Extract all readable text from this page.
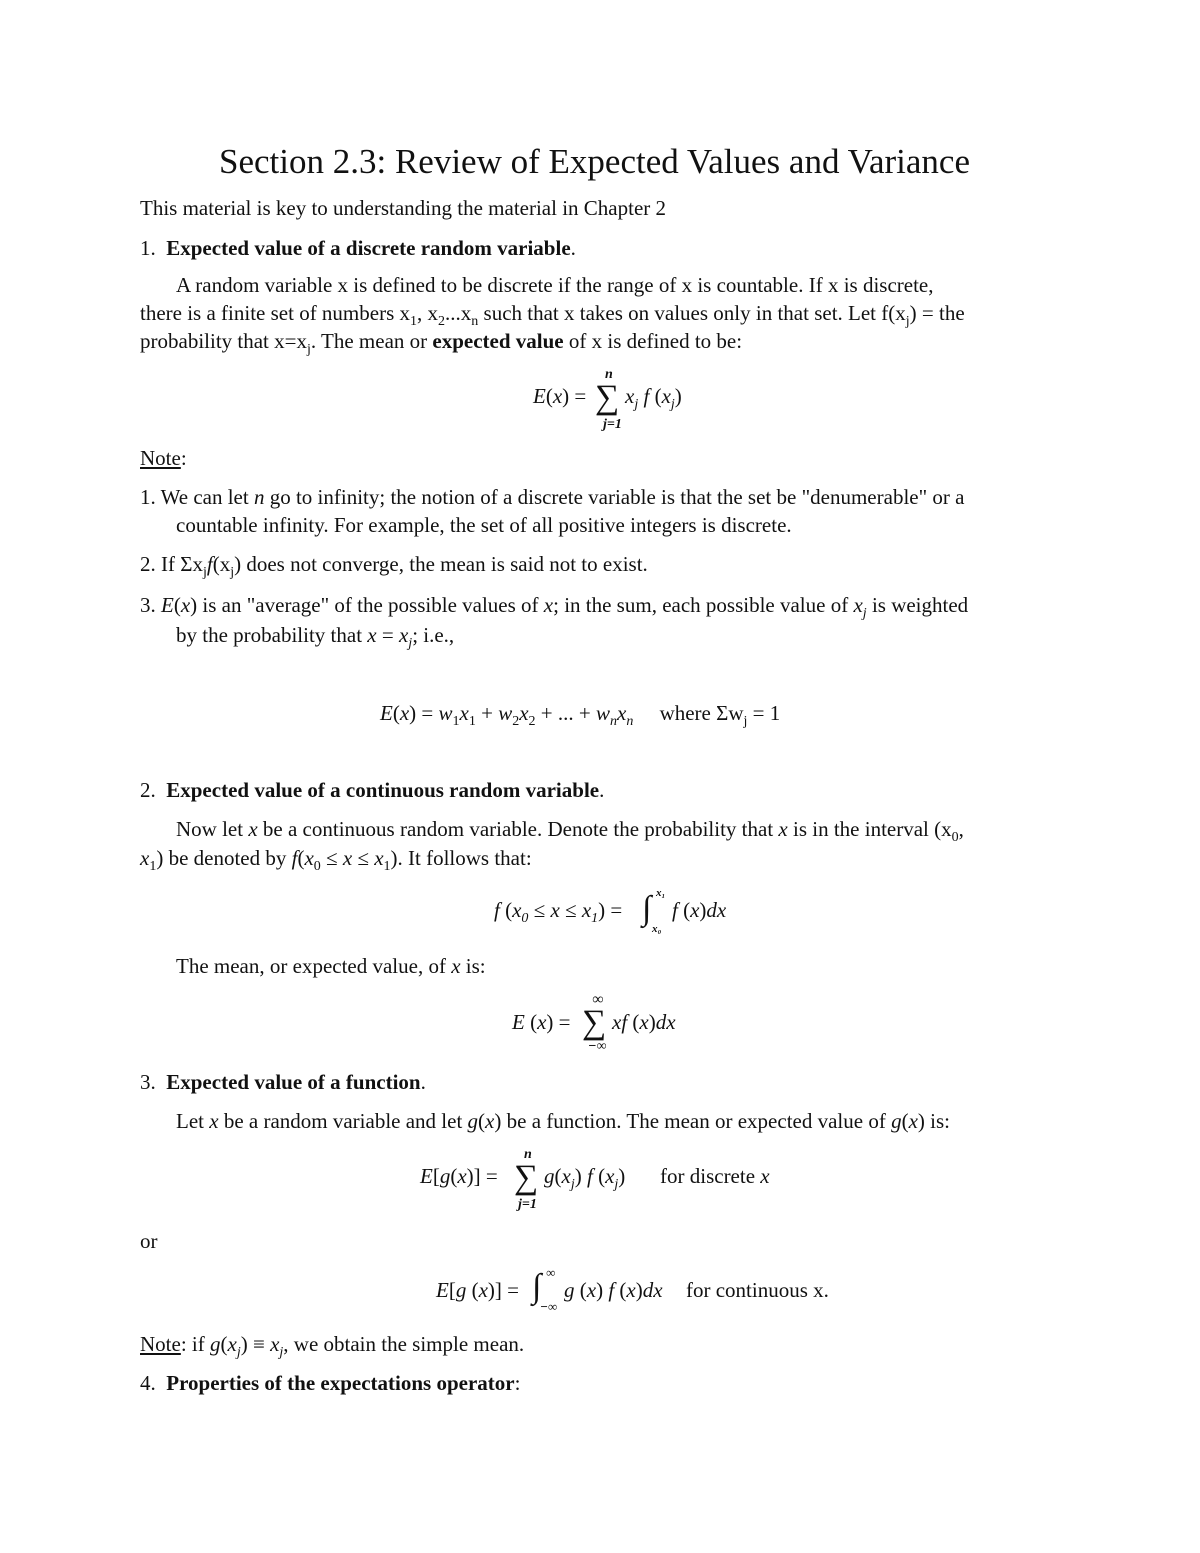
Section 2.3: Review of Expected Values and Variance
This material is key to understanding the material in Chapter 2
1. Expected value of a discrete random variable.
A random variable x is defined to be discrete if the range of x is countable. If x is discrete,
there is a finite set of numbers $x_1$, $x_2...x_n$ such that x takes on values only in that set. Let $f(x_j)$ = the
probability that $x=x_j$. The mean or expected value of x is defined to be:
E(x) =
n
∑
j=1
$x_j$ f $(x_j)$
Note:
1. We can let n go to infinity; the notion of a discrete variable is that the set be "denumerable" or a
countable infinity. For example, the set of all positive integers is discrete.
2. If $\Sigma x_jf(x_j)$ does not converge, the mean is said not to exist.
3. E(x) is an "average" of the possible values of x; in the sum, each possible value of $x_j$ is weighted
by the probability that $x = x_j$; i.e.,
$E(x) = w_1x_1 + w_2x_2$ + ... + $w_nx_n$ where $\Sigma w_j = 1$
2. Expected value of a continuous random variable.
Now let x be a continuous random variable. Denote the probability that x is in the interval ($x_0$,
$x_1$) be denoted by $f(x_0 \le x \le x_1)$. It follows that:
f $(x_0 \le x \le x_1)$ = ∫ x₁
x₀
f (x)dx
The mean, or expected value, of x is:
E (x) =
∞
∑
−∞
xf (x)dx
3. Expected value of a function.
Let x be a random variable and let g(x) be a function. The mean or expected value of g(x) is:
E[g(x)] =
n
∑
j=1
$g(x_j)$ f $(x_j)$ for discrete x
or
E[g (x)] = ∫ ∞
−∞
g (x) f (x)dx for continuous x.
Note: if $g(x_j) \equiv x_j$, we obtain the simple mean.
4. Properties of the expectations operator:
